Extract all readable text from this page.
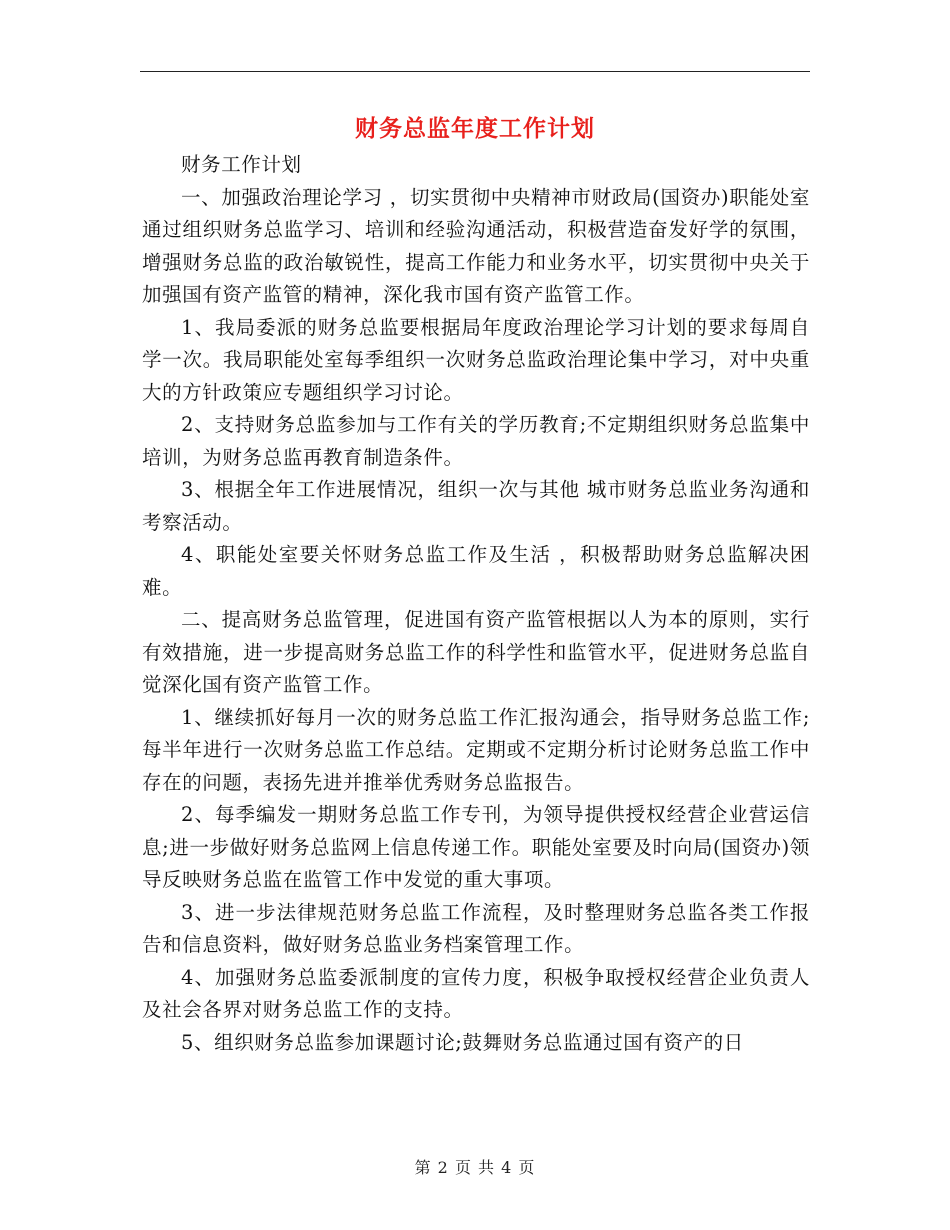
财务总监年度工作计划

财务工作计划

一、加强政治理论学习 ，切实贯彻中央精神市财政局(国资办)职能处室通过组织财务总监学习、培训和经验沟通活动，积极营造奋发好学的氛围，增强财务总监的政治敏锐性，提高工作能力和业务水平，切实贯彻中央关于 加强国有资产监管的精神，深化我市国有资产监管工作。

1、我局委派的财务总监要根据局年度政治理论学习计划的要求每周自学一次。我局职能处室每季组织一次财务总监政治理论集中学习，对中央重大的方针政策应专题组织学习讨论。

2、支持财务总监参加与工作有关的学历教育;不定期组织财务总监集中培训，为财务总监再教育制造条件。

3、根据全年工作进展情况，组织一次与其他 城市财务总监业务沟通和考察活动。

4、职能处室要关怀财务总监工作及生活 ，积极帮助财务总监解决困难。

二、提高财务总监管理，促进国有资产监管根据以人为本的原则，实行有效措施，进一步提高财务总监工作的科学性和监管水平，促进财务总监自觉深化国有资产监管工作。

1、继续抓好每月一次的财务总监工作汇报沟通会，指导财务总监工作;每半年进行一次财务总监工作总结。定期或不定期分析讨论财务总监工作中存在的问题，表扬先进并推举优秀财务总监报告。

2、每季编发一期财务总监工作专刊，为领导提供授权经营企业营运信息;进一步做好财务总监网上信息传递工作。职能处室要及时向局(国资办)领导反映财务总监在监管工作中发觉的重大事项。

3、进一步法律规范财务总监工作流程，及时整理财务总监各类工作报告和信息资料，做好财务总监业务档案管理工作。

4、加强财务总监委派制度的宣传力度，积极争取授权经营企业负责人及社会各界对财务总监工作的支持。

5、组织财务总监参加课题讨论;鼓舞财务总监通过国有资产的日

第 2 页 共 4 页
